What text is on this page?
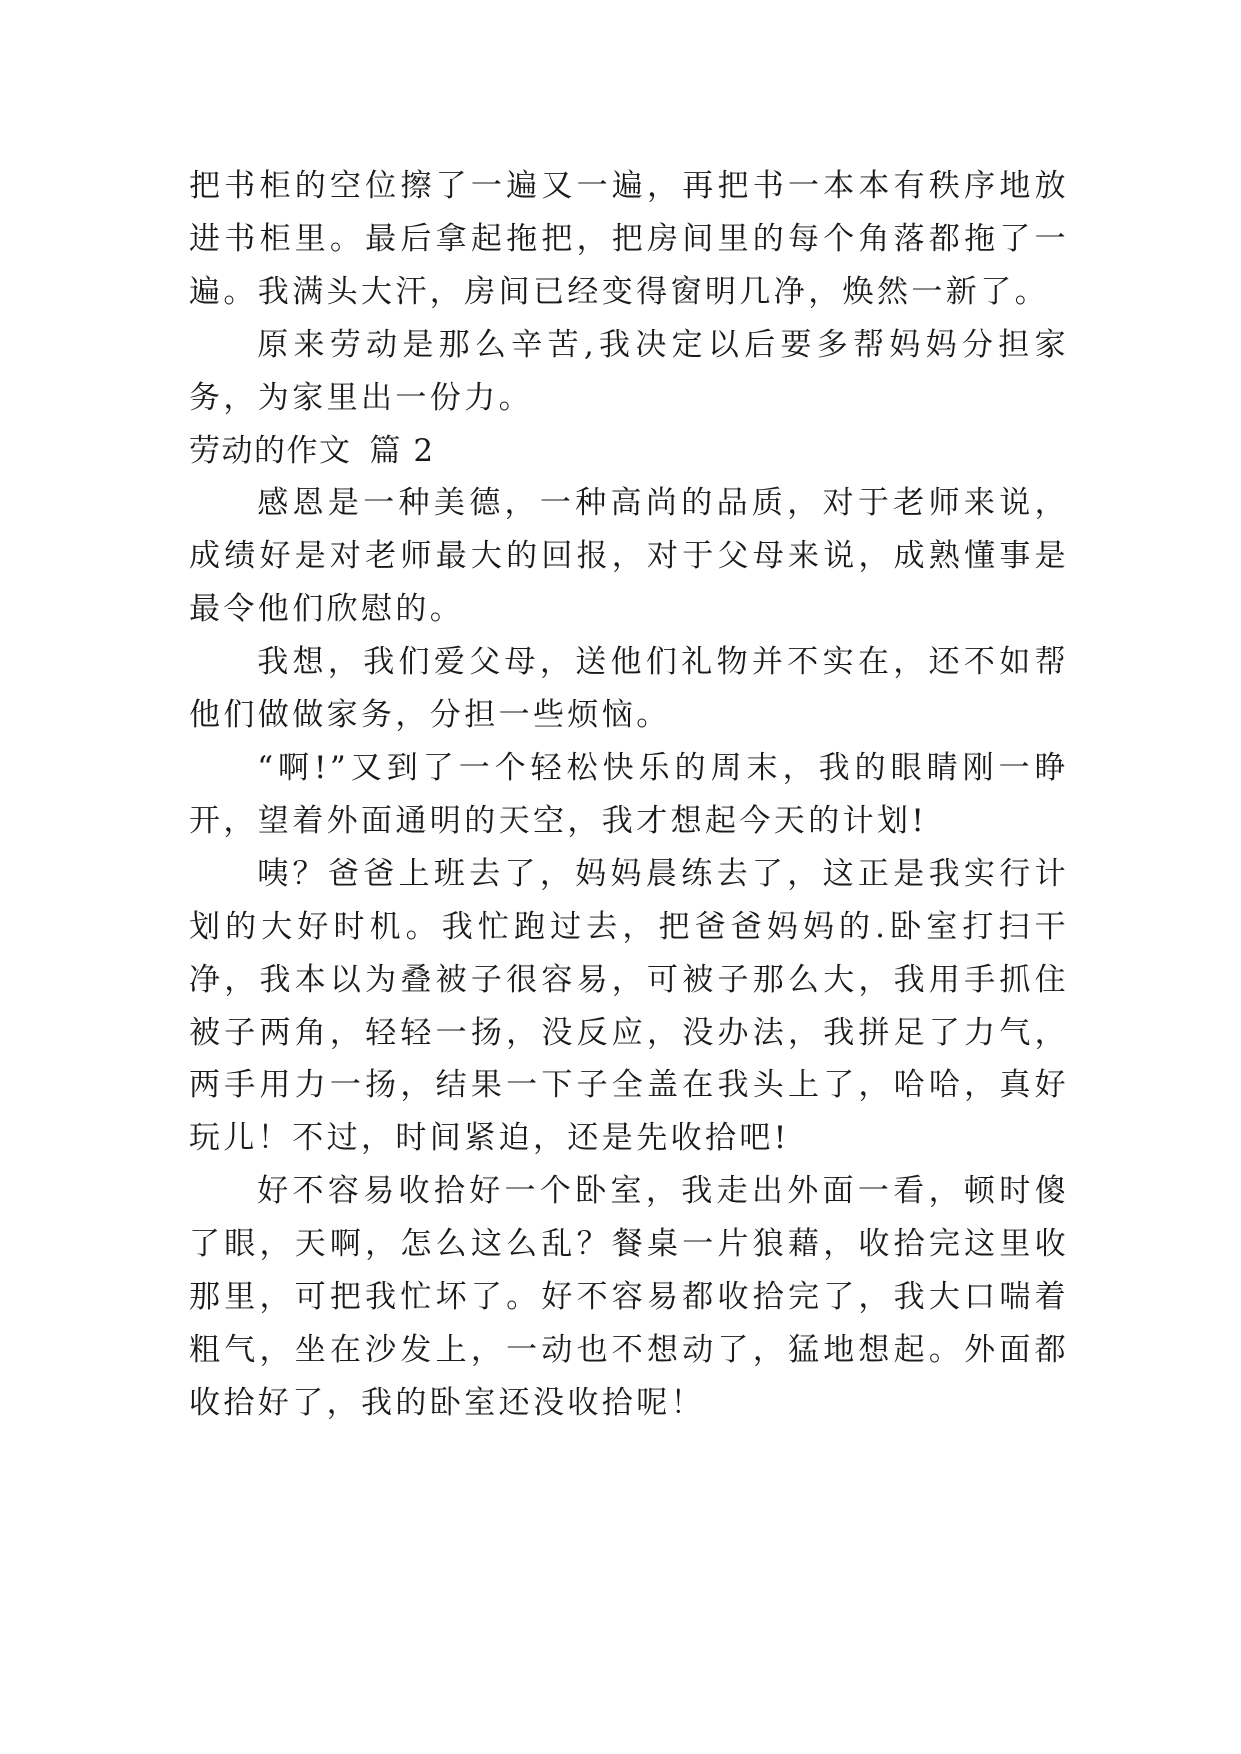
把书柜的空位擦了一遍又一遍，再把书一本本有秩序地放进书柜里。最后拿起拖把，把房间里的每个角落都拖了一遍。我满头大汗，房间已经变得窗明几净，焕然一新了。

原来劳动是那么辛苦,我决定以后要多帮妈妈分担家务，为家里出一份力。

劳动的作文 篇 2

感恩是一种美德，一种高尚的品质，对于老师来说，成绩好是对老师最大的回报，对于父母来说，成熟懂事是最令他们欣慰的。

我想，我们爱父母，送他们礼物并不实在，还不如帮他们做做家务，分担一些烦恼。

“啊!”又到了一个轻松快乐的周末，我的眼睛刚一睁开，望着外面通明的天空，我才想起今天的计划!

咦？爸爸上班去了，妈妈晨练去了，这正是我实行计划的大好时机。我忙跑过去，把爸爸妈妈的.卧室打扫干净，我本以为叠被子很容易，可被子那么大，我用手抓住被子两角，轻轻一扬，没反应，没办法，我拼足了力气，两手用力一扬，结果一下子全盖在我头上了，哈哈，真好玩儿！不过，时间紧迫，还是先收拾吧!

好不容易收拾好一个卧室，我走出外面一看，顿时傻了眼，天啊，怎么这么乱？餐桌一片狼藉，收拾完这里收那里，可把我忙坏了。好不容易都收拾完了，我大口喘着粗气，坐在沙发上，一动也不想动了，猛地想起。外面都收拾好了，我的卧室还没收拾呢！
